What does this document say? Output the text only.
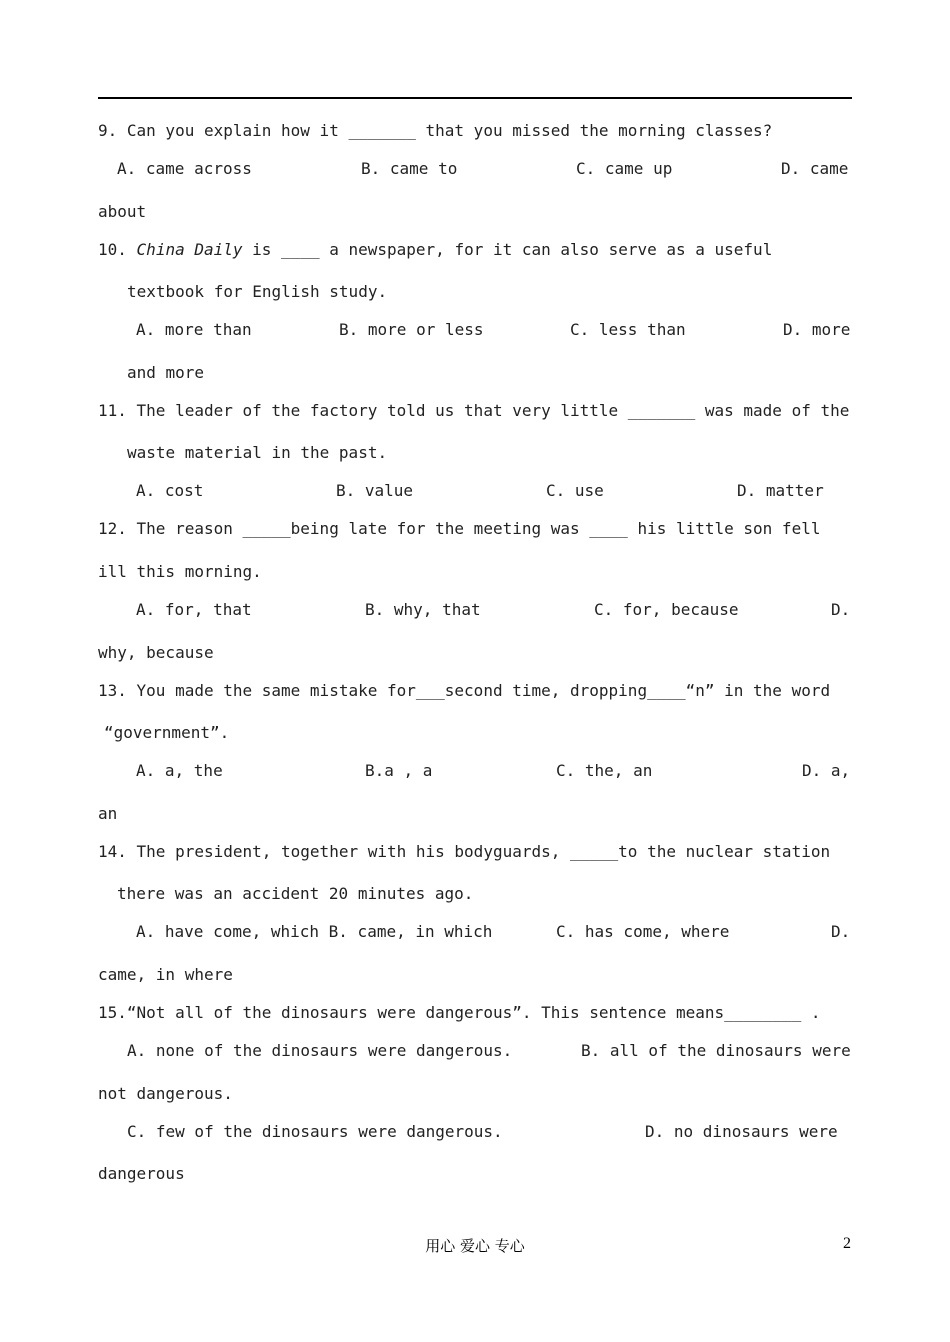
9. Can you explain how it _______ that you missed the morning classes?
A. came across	B. came to	C. came up	D. came
about
10. China Daily is ____ a newspaper, for it can also serve as a useful
textbook for English study.
A. more than	B. more or less	C. less than	D. more
and more
11. The leader of the factory told us that very little _______ was made of the
waste material in the past.
A. cost	B. value	C. use	D. matter
12. The reason _____being late for the meeting was ____ his little son fell
ill this morning.
A. for, that	B. why, that	C. for, because	D.
why, because
13. You made the same mistake for___second time, dropping____“n” in the word
“government”.
A. a, the	B.a , a	C. the, an	D. a,
an
14. The president, together with his bodyguards, _____to the nuclear station
there was an accident 20 minutes ago.
A. have come, which B. came, in which	C. has come, where	D.
came, in where
15.“Not all of the dinosaurs were dangerous”. This sentence means________ .
A. none of the dinosaurs were dangerous.	B. all of the dinosaurs were
not dangerous.
C. few of the dinosaurs were dangerous.	D. no dinosaurs were
dangerous
用心 爱心 专心	2
